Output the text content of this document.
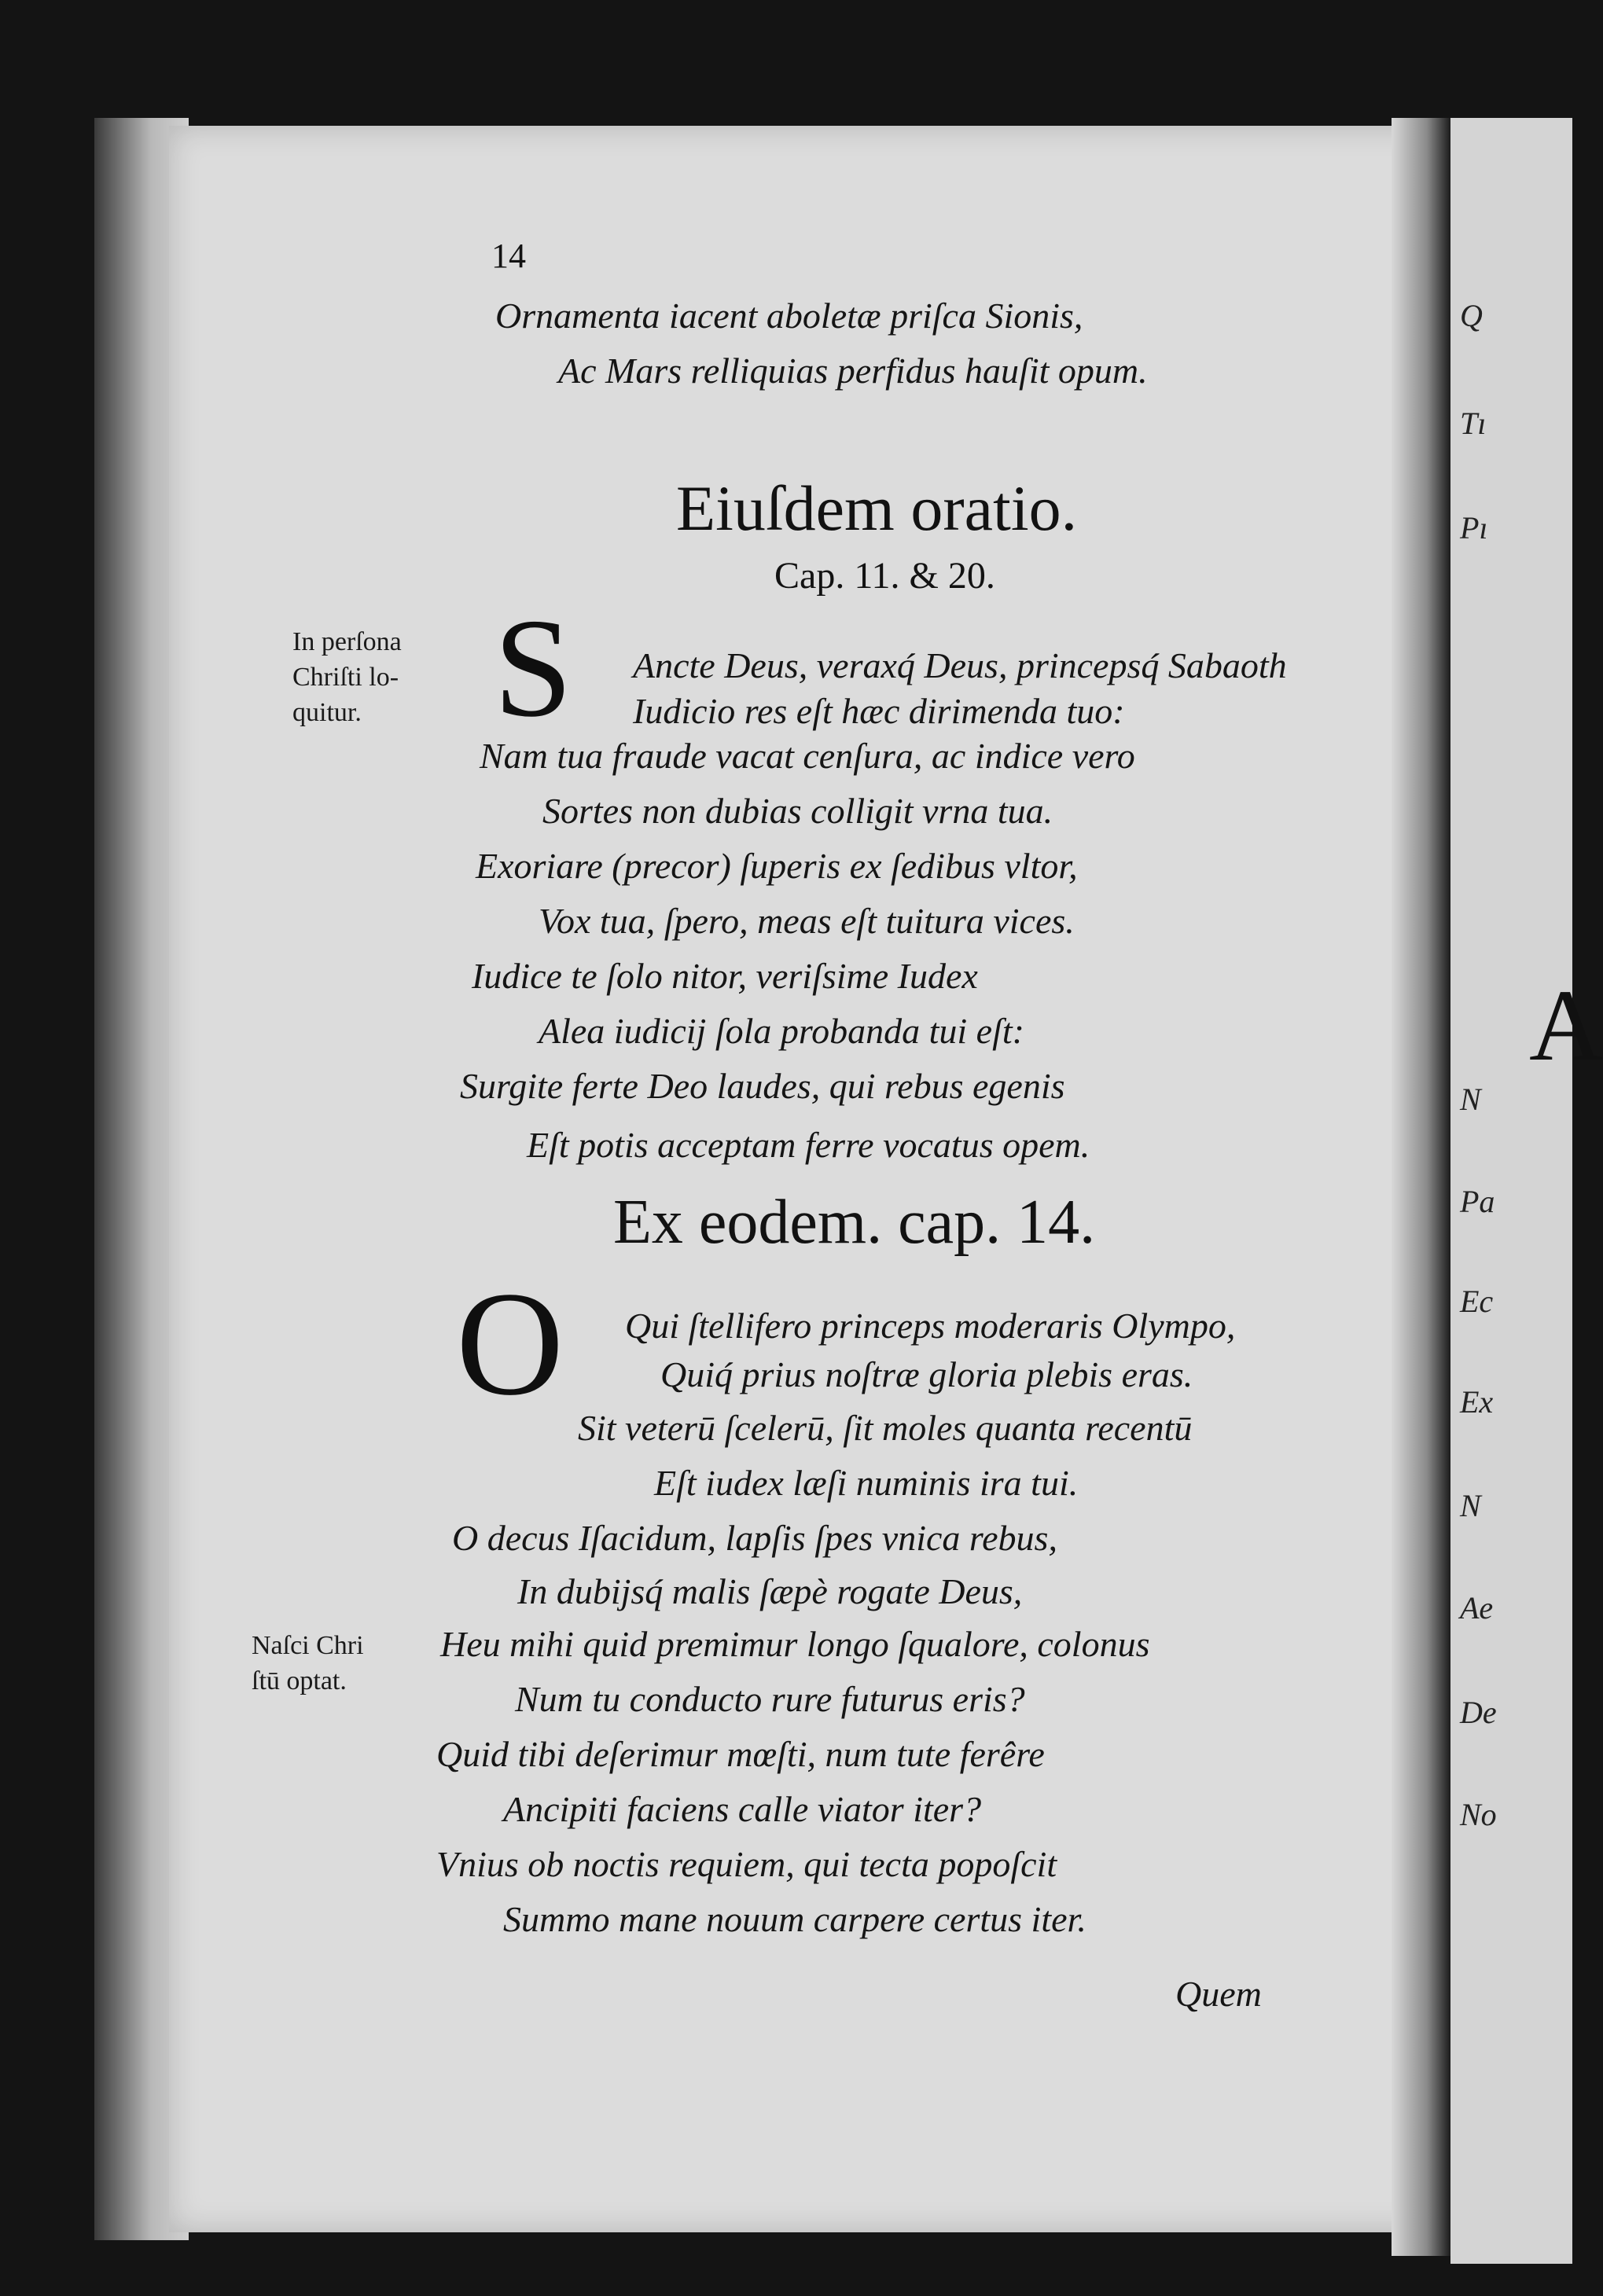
Q
Tı
Pı
N
Pa
Ec
Ex
N
Ae
De
No
A
14
Ornamenta iacent aboletæ priſca Sionis,
Ac Mars relliquias perfidus hauſit opum.
Eiuſdem oratio.
Cap. 11. & 20.
In perſona
Chriſti lo-
quitur. S Ancte Deus, veraxq́ Deus, princepsq́ Sabaoth
Iudicio res eſt hæc dirimenda tuo:
Nam tua fraude vacat cenſura, ac indice vero
Sortes non dubias colligit vrna tua.
Exoriare (precor) ſuperis ex ſedibus vltor,
Vox tua, ſpero, meas eſt tuitura vices.
Iudice te ſolo nitor, veriſsime Iudex
Alea iudicij ſola probanda tui eſt:
Surgite ferte Deo laudes, qui rebus egenis
Eſt potis acceptam ferre vocatus opem.
Ex eodem. cap. 14.
O Qui ſtellifero princeps moderaris Olympo,
Quiq́ prius noſtræ gloria plebis eras.
Sit veterū ſcelerū, ſit moles quanta recentū
Eſt iudex læſi numinis ira tui.
O decus Iſacidum, lapſis ſpes vnica rebus,
In dubijsq́ malis ſæpè rogate Deus,
Naſci Chri
ſtū optat.
Heu mihi quid premimur longo ſqualore, colonus
Num tu conducto rure futurus eris?
Quid tibi deſerimur mœſti, num tute ferêre
Ancipiti faciens calle viator iter?
Vnius ob noctis requiem, qui tecta popoſcit
Summo mane nouum carpere certus iter.
Quem
